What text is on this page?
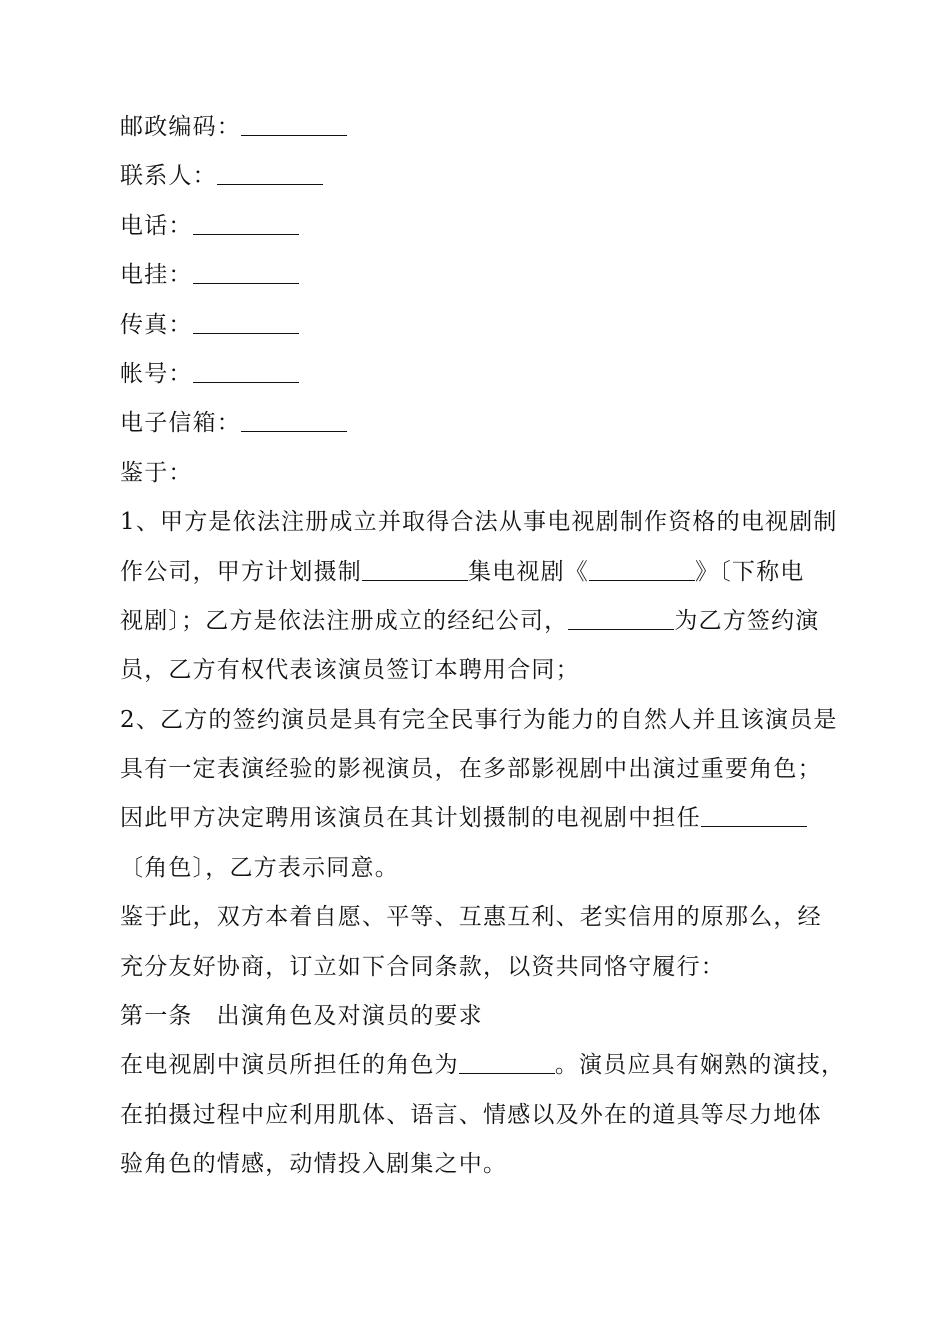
邮政编码：
联系人：
电话：
电挂：
传真：
帐号：
电子信箱：
鉴于：
1、甲方是依法注册成立并取得合法从事电视剧制作资格的电视剧制
作公司，甲方计划摄制	集电视剧《	》〔下称电
视剧〕；乙方是依法注册成立的经纪公司，	为乙方签约演
员，乙方有权代表该演员签订本聘用合同；
2、乙方的签约演员是具有完全民事行为能力的自然人并且该演员是
具有一定表演经验的影视演员，在多部影视剧中出演过重要角色；
因此甲方决定聘用该演员在其计划摄制的电视剧中担任
〔角色〕，乙方表示同意。
鉴于此，双方本着自愿、平等、互惠互利、老实信用的原那么，经
充分友好协商，订立如下合同条款，以资共同恪守履行：
第一条 出演角色及对演员的要求
在电视剧中演员所担任的角色为	。演员应具有娴熟的演技，
在拍摄过程中应利用肌体、语言、情感以及外在的道具等尽力地体
验角色的情感，动情投入剧集之中。
